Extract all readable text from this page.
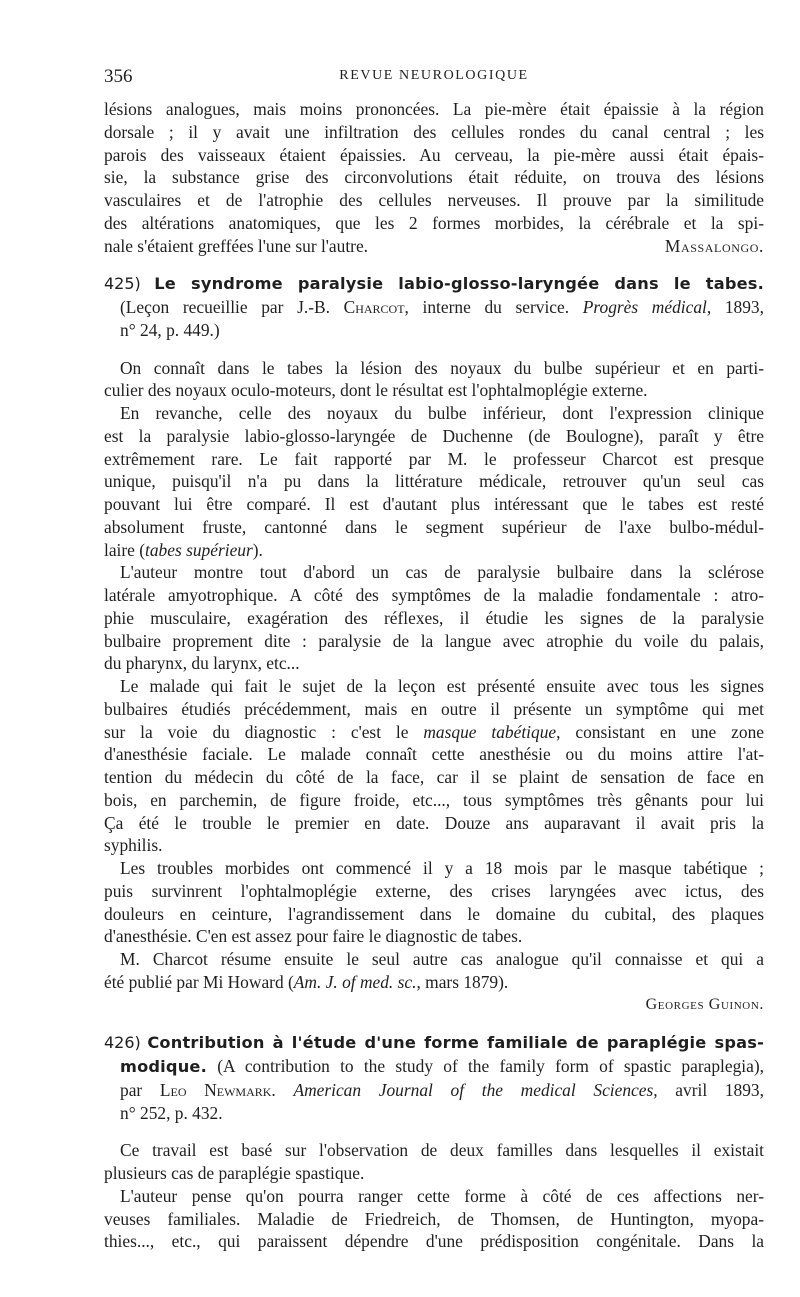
356	REVUE NEUROLOGIQUE
lésions analogues, mais moins prononcées. La pie-mère était épaissie à la région
dorsale ; il y avait une infiltration des cellules rondes du canal central ; les
parois des vaisseaux étaient épaissies. Au cerveau, la pie-mère aussi était épais-
sie, la substance grise des circonvolutions était réduite, on trouva des lésions
vasculaires et de l'atrophie des cellules nerveuses. Il prouve par la similitude
des altérations anatomiques, que les 2 formes morbides, la cérébrale et la spi-
nale s'étaient greffées l'une sur l'autre.	Massalongo.
425) Le syndrome paralysie labio-glosso-laryngée dans le tabes.
(Leçon recueillie par J.-B. Charcot, interne du service. Progrès médical, 1893,
n° 24, p. 449.)
On connaît dans le tabes la lésion des noyaux du bulbe supérieur et en parti-
culier des noyaux oculo-moteurs, dont le résultat est l'ophtalmoplégie externe.
En revanche, celle des noyaux du bulbe inférieur, dont l'expression clinique
est la paralysie labio-glosso-laryngée de Duchenne (de Boulogne), paraît y être
extrêmement rare. Le fait rapporté par M. le professeur Charcot est presque
unique, puisqu'il n'a pu dans la littérature médicale, retrouver qu'un seul cas
pouvant lui être comparé. Il est d'autant plus intéressant que le tabes est resté
absolument fruste, cantonné dans le segment supérieur de l'axe bulbo-médul-
laire (tabes supérieur).
L'auteur montre tout d'abord un cas de paralysie bulbaire dans la sclérose
latérale amyotrophique. A côté des symptômes de la maladie fondamentale : atro-
phie musculaire, exagération des réflexes, il étudie les signes de la paralysie
bulbaire proprement dite : paralysie de la langue avec atrophie du voile du palais,
du pharynx, du larynx, etc...
Le malade qui fait le sujet de la leçon est présenté ensuite avec tous les signes
bulbaires étudiés précédemment, mais en outre il présente un symptôme qui met
sur la voie du diagnostic : c'est le masque tabétique, consistant en une zone
d'anesthésie faciale. Le malade connaît cette anesthésie ou du moins attire l'at-
tention du médecin du côté de la face, car il se plaint de sensation de face en
bois, en parchemin, de figure froide, etc..., tous symptômes très gênants pour lui
Ça été le trouble le premier en date. Douze ans auparavant il avait pris la
syphilis.
Les troubles morbides ont commencé il y a 18 mois par le masque tabétique ;
puis survinrent l'ophtalmoplégie externe, des crises laryngées avec ictus, des
douleurs en ceinture, l'agrandissement dans le domaine du cubital, des plaques
d'anesthésie. C'en est assez pour faire le diagnostic de tabes.
M. Charcot résume ensuite le seul autre cas analogue qu'il connaisse et qui a
été publié par Mi Howard (Am. J. of med. sc., mars 1879).
Georges Guinon.
426) Contribution à l'étude d'une forme familiale de paraplégie spas-
modique. (A contribution to the study of the family form of spastic paraplegia),
par Leo Newmark. American Journal of the medical Sciences, avril 1893,
n° 252, p. 432.
Ce travail est basé sur l'observation de deux familles dans lesquelles il existait
plusieurs cas de paraplégie spastique.
L'auteur pense qu'on pourra ranger cette forme à côté de ces affections ner-
veuses familiales. Maladie de Friedreich, de Thomsen, de Huntington, myopa-
thies..., etc., qui paraissent dépendre d'une prédisposition congénitale. Dans la
